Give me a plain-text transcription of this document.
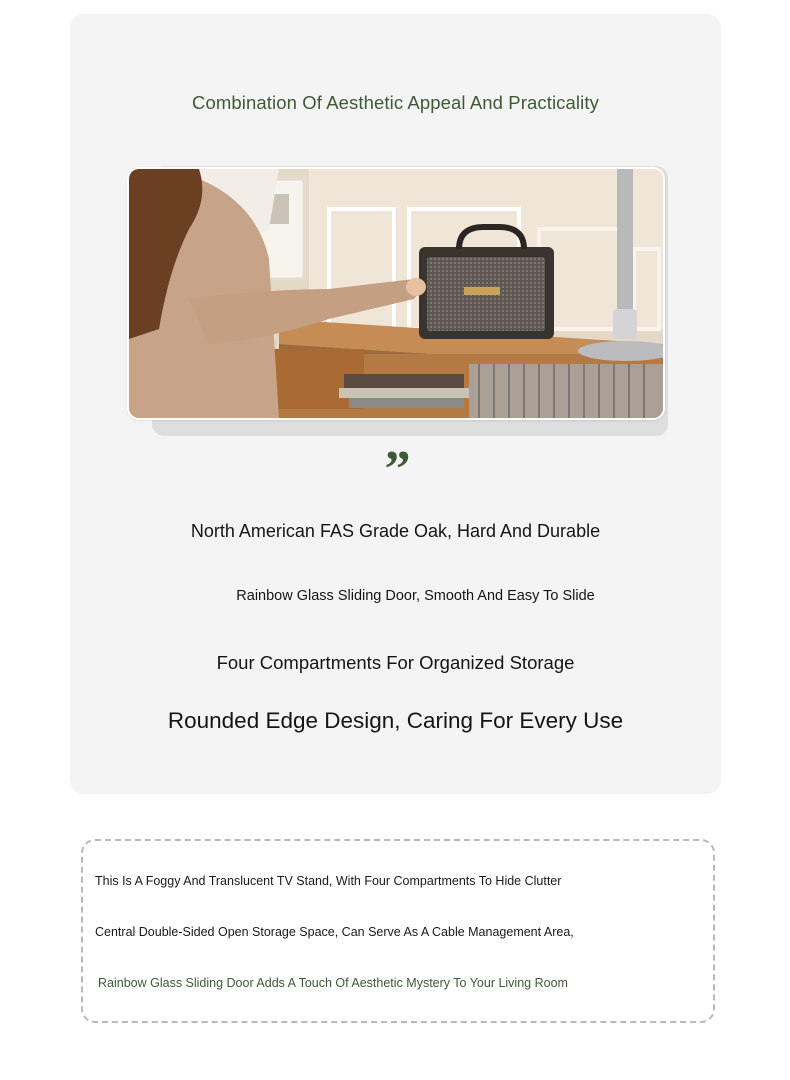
Combination Of Aesthetic Appeal And Practicality
”
North American FAS Grade Oak, Hard And Durable
Rainbow Glass Sliding Door, Smooth And Easy To Slide
Four Compartments For Organized Storage
Rounded Edge Design, Caring For Every Use
This Is A Foggy And Translucent TV Stand, With Four Compartments To Hide Clutter
Central Double-Sided Open Storage Space, Can Serve As A Cable Management Area,
Rainbow Glass Sliding Door Adds A Touch Of Aesthetic Mystery To Your Living Room
